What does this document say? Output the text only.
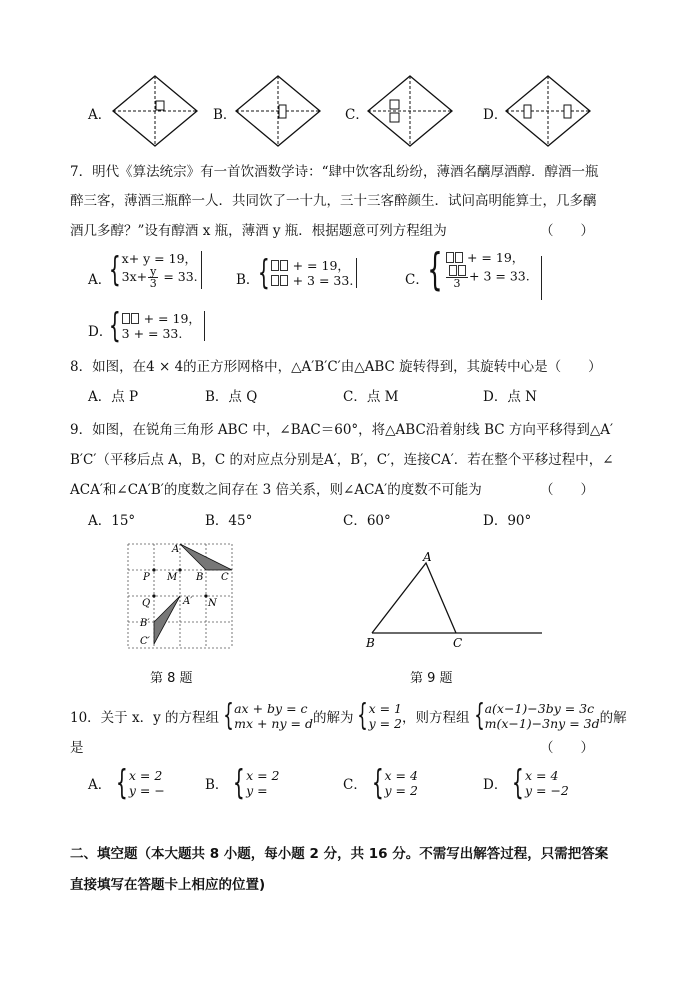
A．	B．	C．	D．
7．明代《算法统宗》有一首饮酒数学诗：“肆中饮客乱纷纷，薄酒名醨厚酒醇．醇酒一瓶
醉三客，薄酒三瓶醉一人．共同饮了一十九，三十三客醉颜生．试问高明能算士，几多醨
酒几多醇？”设有醇酒 x 瓶，薄酒 y 瓶．根据题意可列方程组为	（　　）
A．
{ x+ y = 19，
$3x+ \frac{y}{3} = 33$.	B．
{	+ = 19，
+ 3 = 33.	C．
{	+ = 19，
3 + 3 = 33.
D．
{	+ = 19，
3 + = 33.
8．如图，在4 × 4的正方形网格中，△A′B′C′由△ABC 旋转得到，其旋转中心是（　　）
A．点 P	B．点 Q	C．点 M	D．点 N
9．如图，在锐角三角形 ABC 中，∠BAC＝60°，将△ABC沿着射线 BC 方向平移得到△A′
B′C′（平移后点 A，B，C 的对应点分别是A′，B′，C′，连接CA′．若在整个平移过程中，∠
ACA′和∠CA′B′的度数之间存在 3 倍关系，则∠ACA′的度数不可能为	（　　）
A．15°	B．45°	C．60°	D．90°
A
P M B C
Q	A′ N
B′
C′
第 8 题
A
B	C
第 9 题
10．关于 x．y 的方程组 { ax + by = c
mx + ny = d 的解为 { x = 1
y = 2 ，则方程组 { a(x−1)−3by = 3c
m(x−1)−3ny = 3d 的解
是	（　　）
A． { x = 2
y = −	B． { x = 2
y =	C． { x = 4
y = 2	D． { x = 4
y = −2
二、填空题（本大题共 8 小题，每小题 2 分，共 16 分。不需写出解答过程，只需把答案
直接填写在答题卡上相应的位置)
